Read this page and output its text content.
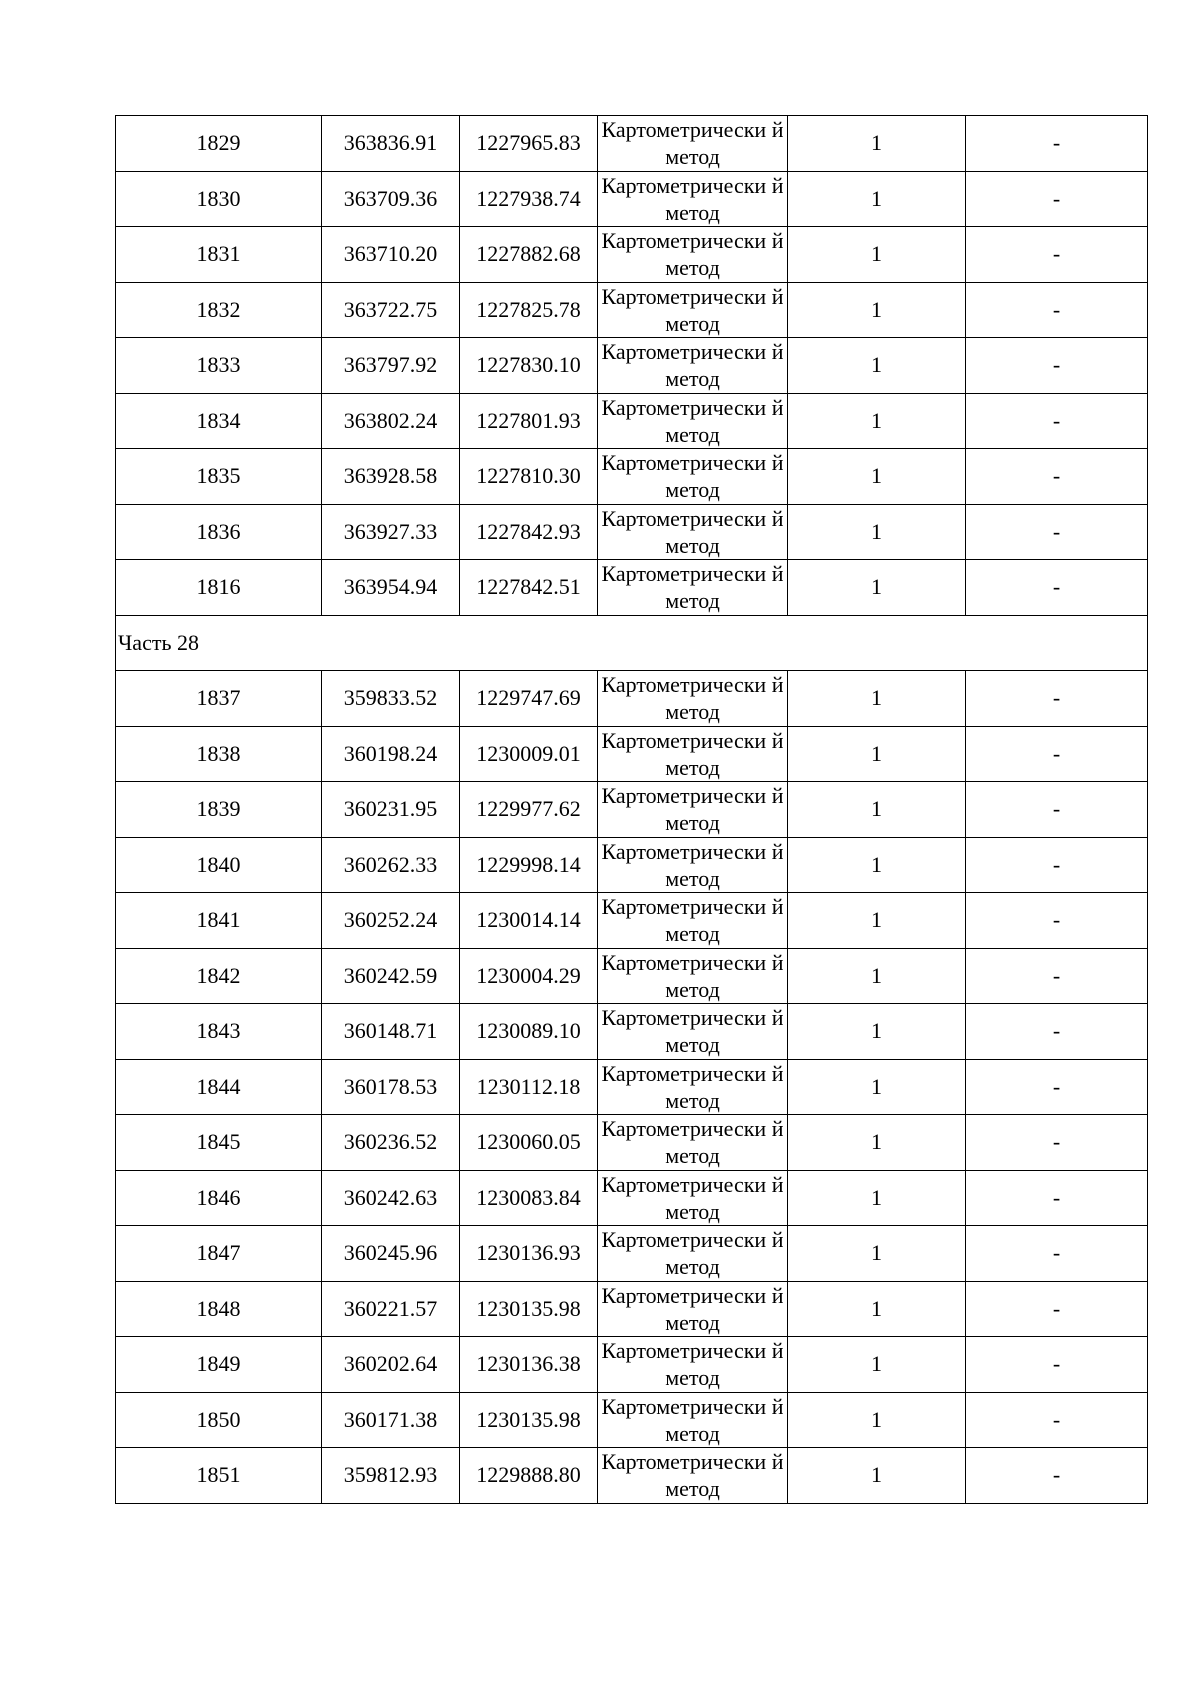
1829	363836.91	1227965.83	Картометрически й метод	1	-
1830	363709.36	1227938.74	Картометрически й метод	1	-
1831	363710.20	1227882.68	Картометрически й метод	1	-
1832	363722.75	1227825.78	Картометрически й метод	1	-
1833	363797.92	1227830.10	Картометрически й метод	1	-
1834	363802.24	1227801.93	Картометрически й метод	1	-
1835	363928.58	1227810.30	Картометрически й метод	1	-
1836	363927.33	1227842.93	Картометрически й метод	1	-
1816	363954.94	1227842.51	Картометрически й метод	1	-
Часть 28					
1837	359833.52	1229747.69	Картометрически й метод	1	-
1838	360198.24	1230009.01	Картометрически й метод	1	-
1839	360231.95	1229977.62	Картометрически й метод	1	-
1840	360262.33	1229998.14	Картометрически й метод	1	-
1841	360252.24	1230014.14	Картометрически й метод	1	-
1842	360242.59	1230004.29	Картометрически й метод	1	-
1843	360148.71	1230089.10	Картометрически й метод	1	-
1844	360178.53	1230112.18	Картометрически й метод	1	-
1845	360236.52	1230060.05	Картометрически й метод	1	-
1846	360242.63	1230083.84	Картометрически й метод	1	-
1847	360245.96	1230136.93	Картометрически й метод	1	-
1848	360221.57	1230135.98	Картометрически й метод	1	-
1849	360202.64	1230136.38	Картометрически й метод	1	-
1850	360171.38	1230135.98	Картометрически й метод	1	-
1851	359812.93	1229888.80	Картометрически й метод	1	-
